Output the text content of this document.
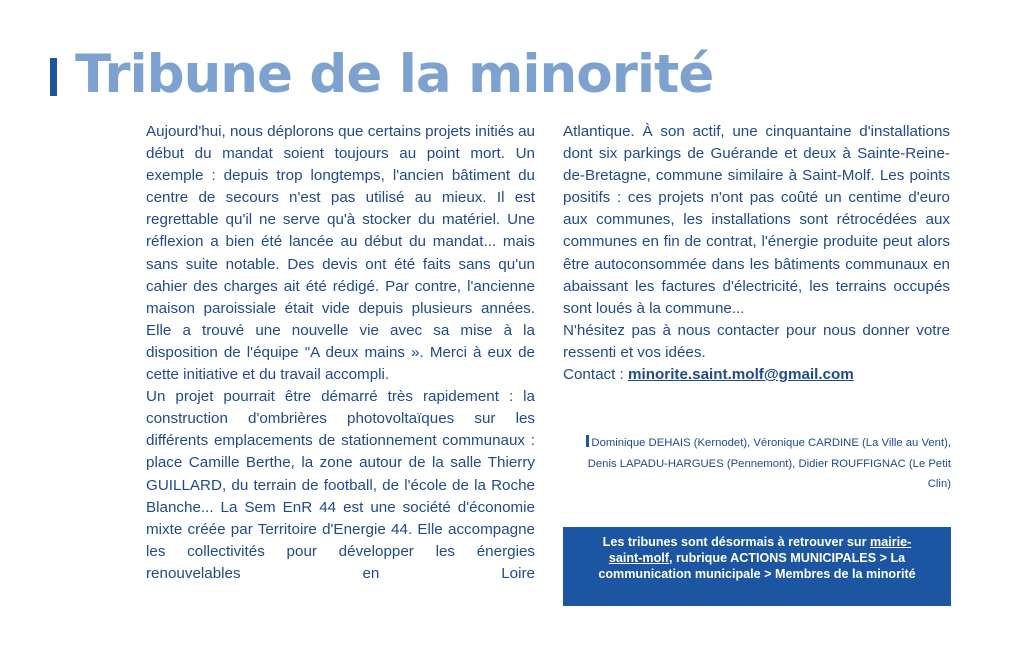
Tribune de la minorité

Aujourd'hui, nous déplorons que certains projets initiés au début du mandat soient toujours au point mort. Un exemple : depuis trop longtemps, l'ancien bâtiment du centre de secours n'est pas utilisé au mieux. Il est regrettable qu'il ne serve qu'à stocker du matériel. Une réflexion a bien été lancée au début du mandat... mais sans suite notable. Des devis ont été faits sans qu'un cahier des charges ait été rédigé. Par contre, l'ancienne maison paroissiale était vide depuis plusieurs années. Elle a trouvé une nouvelle vie avec sa mise à la disposition de l'équipe "A deux mains ». Merci à eux de cette initiative et du travail accompli.

Un projet pourrait être démarré très rapidement : la construction d'ombrières photovoltaïques sur les différents emplacements de stationnement communaux : place Camille Berthe, la zone autour de la salle Thierry GUILLARD, du terrain de football, de l'école de la Roche Blanche... La Sem EnR 44 est une société d'économie mixte créée par Territoire d'Energie 44. Elle accompagne les collectivités pour développer les énergies renouvelables en Loire

Atlantique. À son actif, une cinquantaine d'installations dont six parkings de Guérande et deux à Sainte-Reine-de-Bretagne, commune similaire à Saint-Molf. Les points positifs : ces projets n'ont pas coûté un centime d'euro aux communes, les installations sont rétrocédées aux communes en fin de contrat, l'énergie produite peut alors être autoconsommée dans les bâtiments communaux en abaissant les factures d'électricité, les terrains occupés sont loués à la commune...

N'hésitez pas à nous contacter pour nous donner votre ressenti et vos idées.

Contact : minorite.saint.molf@gmail.com

Dominique DEHAIS (Kernodet), Véronique CARDINE (La Ville au Vent),
Denis LAPADU-HARGUES (Pennemont), Didier ROUFFIGNAC (Le Petit Clin)
Les tribunes sont désormais à retrouver sur mairie-saint-molf, rubrique ACTIONS MUNICIPALES > La communication municipale > Membres de la minorité
